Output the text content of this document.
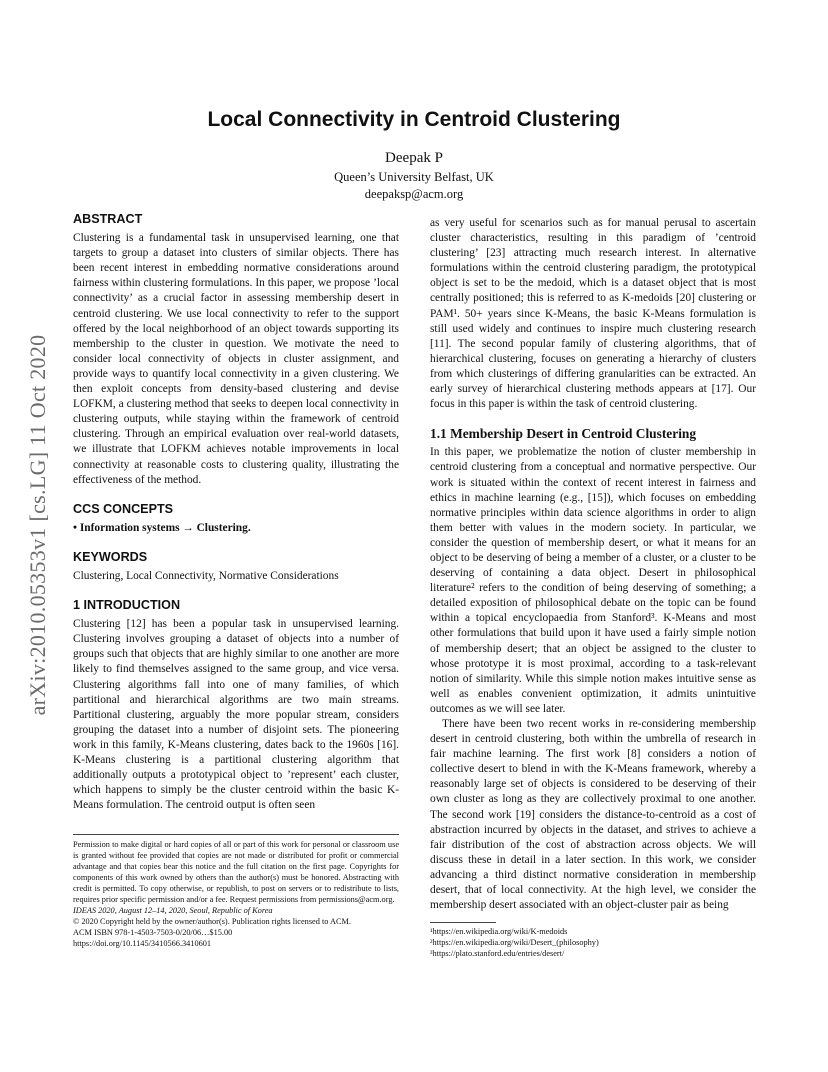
arXiv:2010.05353v1 [cs.LG] 11 Oct 2020
Local Connectivity in Centroid Clustering
Deepak P
Queen’s University Belfast, UK
deepaksp@acm.org
ABSTRACT

Clustering is a fundamental task in unsupervised learning, one that targets to group a dataset into clusters of similar objects. There has been recent interest in embedding normative considerations around fairness within clustering formulations. In this paper, we propose ’local connectivity’ as a crucial factor in assessing membership desert in centroid clustering. We use local connectivity to refer to the support offered by the local neighborhood of an object towards supporting its membership to the cluster in question. We motivate the need to consider local connectivity of objects in cluster assignment, and provide ways to quantify local connectivity in a given clustering. We then exploit concepts from density-based clustering and devise LOFKM, a clustering method that seeks to deepen local connectivity in clustering outputs, while staying within the framework of centroid clustering. Through an empirical evaluation over real-world datasets, we illustrate that LOFKM achieves notable improvements in local connectivity at reasonable costs to clustering quality, illustrating the effectiveness of the method.

CCS CONCEPTS

• Information systems → Clustering.

KEYWORDS

Clustering, Local Connectivity, Normative Considerations

1 INTRODUCTION

Clustering [12] has been a popular task in unsupervised learning. Clustering involves grouping a dataset of objects into a number of groups such that objects that are highly similar to one another are more likely to find themselves assigned to the same group, and vice versa. Clustering algorithms fall into one of many families, of which partitional and hierarchical algorithms are two main streams. Partitional clustering, arguably the more popular stream, considers grouping the dataset into a number of disjoint sets. The pioneering work in this family, K-Means clustering, dates back to the 1960s [16]. K-Means clustering is a partitional clustering algorithm that additionally outputs a prototypical object to ’represent’ each cluster, which happens to simply be the cluster centroid within the basic K-Means formulation. The centroid output is often seen

Permission to make digital or hard copies of all or part of this work for personal or classroom use is granted without fee provided that copies are not made or distributed for profit or commercial advantage and that copies bear this notice and the full citation on the first page. Copyrights for components of this work owned by others than the author(s) must be honored. Abstracting with credit is permitted. To copy otherwise, or republish, to post on servers or to redistribute to lists, requires prior specific permission and/or a fee. Request permissions from permissions@acm.org.

IDEAS 2020, August 12–14, 2020, Seoul, Republic of Korea

© 2020 Copyright held by the owner/author(s). Publication rights licensed to ACM.

ACM ISBN 978-1-4503-7503-0/20/06…$15.00

https://doi.org/10.1145/3410566.3410601

as very useful for scenarios such as for manual perusal to ascertain cluster characteristics, resulting in this paradigm of ’centroid clustering’ [23] attracting much research interest. In alternative formulations within the centroid clustering paradigm, the prototypical object is set to be the medoid, which is a dataset object that is most centrally positioned; this is referred to as K-medoids [20] clustering or PAM¹. 50+ years since K-Means, the basic K-Means formulation is still used widely and continues to inspire much clustering research [11]. The second popular family of clustering algorithms, that of hierarchical clustering, focuses on generating a hierarchy of clusters from which clusterings of differing granularities can be extracted. An early survey of hierarchical clustering methods appears at [17]. Our focus in this paper is within the task of centroid clustering.

1.1 Membership Desert in Centroid Clustering

In this paper, we problematize the notion of cluster membership in centroid clustering from a conceptual and normative perspective. Our work is situated within the context of recent interest in fairness and ethics in machine learning (e.g., [15]), which focuses on embedding normative principles within data science algorithms in order to align them better with values in the modern society. In particular, we consider the question of membership desert, or what it means for an object to be deserving of being a member of a cluster, or a cluster to be deserving of containing a data object. Desert in philosophical literature² refers to the condition of being deserving of something; a detailed exposition of philosophical debate on the topic can be found within a topical encyclopaedia from Stanford³. K-Means and most other formulations that build upon it have used a fairly simple notion of membership desert; that an object be assigned to the cluster to whose prototype it is most proximal, according to a task-relevant notion of similarity. While this simple notion makes intuitive sense as well as enables convenient optimization, it admits unintuitive outcomes as we will see later.

There have been two recent works in re-considering membership desert in centroid clustering, both within the umbrella of research in fair machine learning. The first work [8] considers a notion of collective desert to blend in with the K-Means framework, whereby a reasonably large set of objects is considered to be deserving of their own cluster as long as they are collectively proximal to one another. The second work [19] considers the distance-to-centroid as a cost of abstraction incurred by objects in the dataset, and strives to achieve a fair distribution of the cost of abstraction across objects. We will discuss these in detail in a later section. In this work, we consider advancing a third distinct normative consideration in membership desert, that of local connectivity. At the high level, we consider the membership desert associated with an object-cluster pair as being

¹https://en.wikipedia.org/wiki/K-medoids

²https://en.wikipedia.org/wiki/Desert_(philosophy)

³https://plato.stanford.edu/entries/desert/
